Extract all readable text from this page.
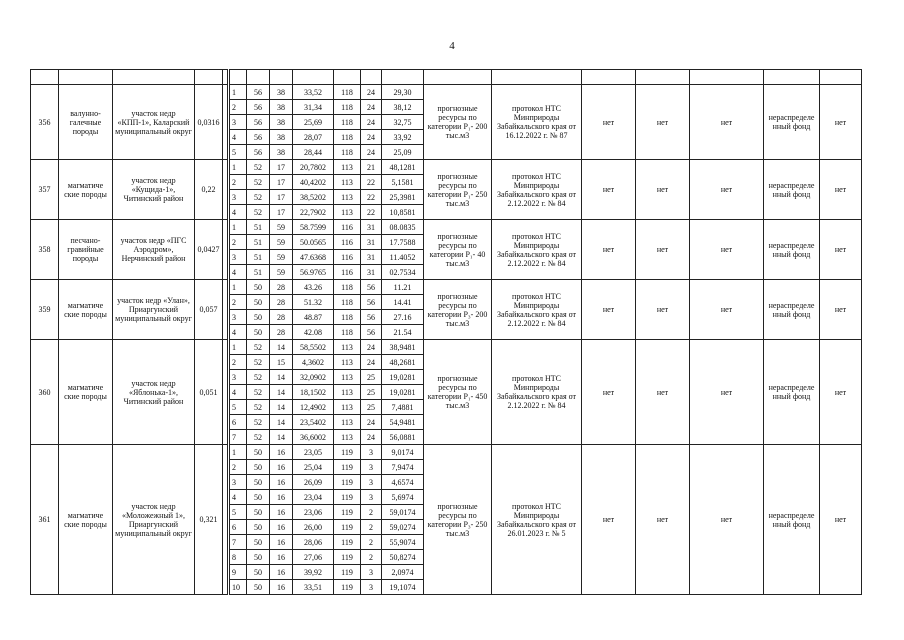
4

356	валунно-галечные породы	участок недр «КПП-1», Каларский муниципальный округ	0,0316		1	56	38	33,52	118	24	29,30	прогнозные ресурсы по категории P₁- 200 тыс.м3	протокол НТС Минприроды Забайкальского края от 16.12.2022 г. № 87	нет	нет	нет	нераспределе нный фонд	нет
					2	56	38	31,34	118	24	38,12							
					3	56	38	25,69	118	24	32,75							
					4	56	38	28,07	118	24	33,92							
					5	56	38	28,44	118	24	25,09							
357	магматиче ские породы	участок недр «Кущида-1», Читинский район	0,22		1	52	17	20,7802	113	21	48,1281	прогнозные ресурсы по категории P₁- 250 тыс.м3	протокол НТС Минприроды Забайкальского края от 2.12.2022 г. № 84	нет	нет	нет	нераспределе нный фонд	нет
					2	52	17	40,4202	113	22	5,1581							
					3	52	17	38,5202	113	22	25,3981							
					4	52	17	22,7902	113	22	10,8581							
358	песчано-гравийные породы	участок недр «ПГС Аэродром», Нерчинский район	0,0427		1	51	59	58.7599	116	31	08.0835	прогнозные ресурсы по категории P₁- 40 тыс.м3	протокол НТС Минприроды Забайкальского края от 2.12.2022 г. № 84	нет	нет	нет	нераспределе нный фонд	нет
					2	51	59	50.0565	116	31	17.7588							
					3	51	59	47.6368	116	31	11.4052							
					4	51	59	56.9765	116	31	02.7534							
359	магматиче ские породы	участок недр «Улан», Приаргунский муниципальный округ	0,057		1	50	28	43.26	118	56	11.21	прогнозные ресурсы по категории P₃- 200 тыс.м3	протокол НТС Минприроды Забайкальского края от 2.12.2022 г. № 84	нет	нет	нет	нераспределе нный фонд	нет
					2	50	28	51.32	118	56	14.41							
					3	50	28	48.87	118	56	27.16							
					4	50	28	42.08	118	56	21.54							
360	магматиче ские породы	участок недр «Яблонька-1», Читинский район	0,051		1	52	14	58,5502	113	24	38,9481	прогнозные ресурсы по категории P₁- 450 тыс.м3	протокол НТС Минприроды Забайкальского края от 2.12.2022 г. № 84	нет	нет	нет	нераспределе нный фонд	нет
					2	52	15	4,3602	113	24	48,2681							
					3	52	14	32,0902	113	25	19,0281							
					4	52	14	18,1502	113	25	19,0281							
					5	52	14	12,4902	113	25	7,4881							
					6	52	14	23,5402	113	24	54,9481							
					7	52	14	36,6002	113	24	56,0881							
361	магматиче ские породы	участок недр «Моложежный 1», Приаргунский муниципальный округ	0,321		1	50	16	23,05	119	3	9,0174	прогнозные ресурсы по категории P₃- 250 тыс.м3	протокол НТС Минприроды Забайкальского края от 26.01.2023 г. № 5	нет	нет	нет	нераспределе нный фонд	нет
					2	50	16	25,04	119	3	7,9474							
					3	50	16	26,09	119	3	4,6574							
					4	50	16	23,04	119	3	5,6974							
					5	50	16	23,06	119	2	59,0174							
					6	50	16	26,00	119	2	59,0274							
					7	50	16	28,06	119	2	55,9074							
					8	50	16	27,06	119	2	50,8274							
					9	50	16	39,92	119	3	2,0974							
					10	50	16	33,51	119	3	19,1074							
